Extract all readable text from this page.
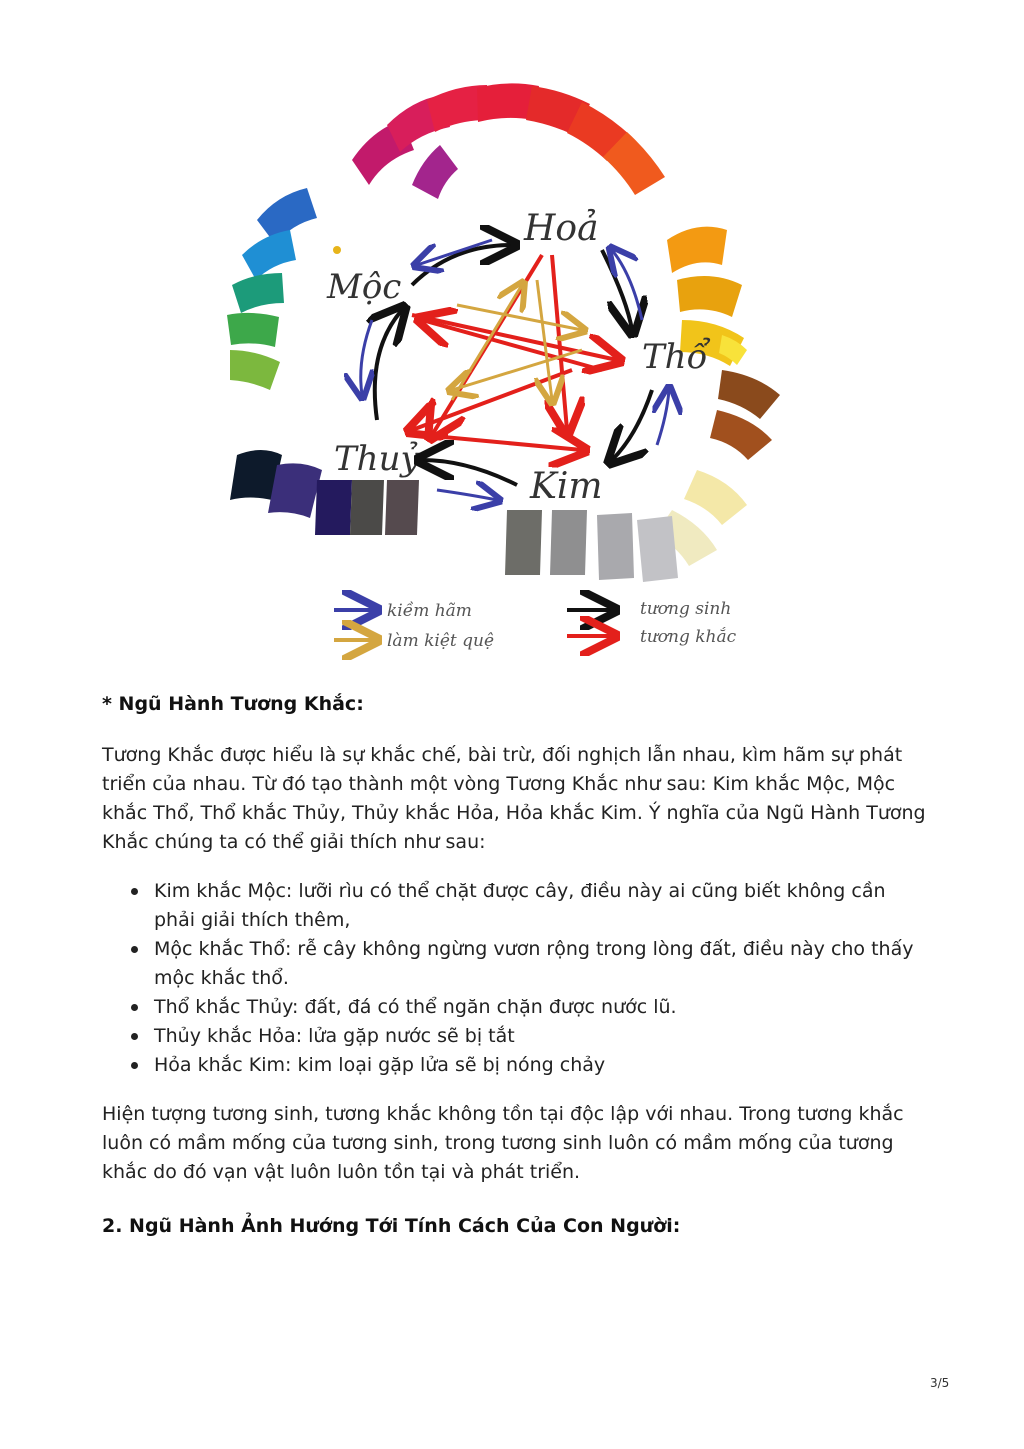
Hoả
Mộc
Thổ
Thuỷ
Kim
kiềm hãm
làm kiệt quệ
tương sinh
tương khắc
* Ngũ Hành Tương Khắc:

Tương Khắc được hiểu là sự khắc chế, bài trừ, đối nghịch lẫn nhau, kìm hãm sự phát triển của nhau. Từ đó tạo thành một vòng Tương Khắc như sau: Kim khắc Mộc, Mộc khắc Thổ, Thổ khắc Thủy, Thủy khắc Hỏa, Hỏa khắc Kim. Ý nghĩa của Ngũ Hành Tương Khắc chúng ta có thể giải thích như sau:

Kim khắc Mộc: lưỡi rìu có thể chặt được cây, điều này ai cũng biết không cần phải giải thích thêm,
Mộc khắc Thổ: rễ cây không ngừng vươn rộng trong lòng đất, điều này cho thấy mộc khắc thổ.
Thổ khắc Thủy: đất, đá có thể ngăn chặn được nước lũ.
Thủy khắc Hỏa: lửa gặp nước sẽ bị tắt
Hỏa khắc Kim: kim loại gặp lửa sẽ bị nóng chảy

Hiện tượng tương sinh, tương khắc không tồn tại độc lập với nhau. Trong tương khắc luôn có mầm mống của tương sinh, trong tương sinh luôn có mầm mống của tương khắc do đó vạn vật luôn luôn tồn tại và phát triển.

2. Ngũ Hành Ảnh Hướng Tới Tính Cách Của Con Người:
3/5
